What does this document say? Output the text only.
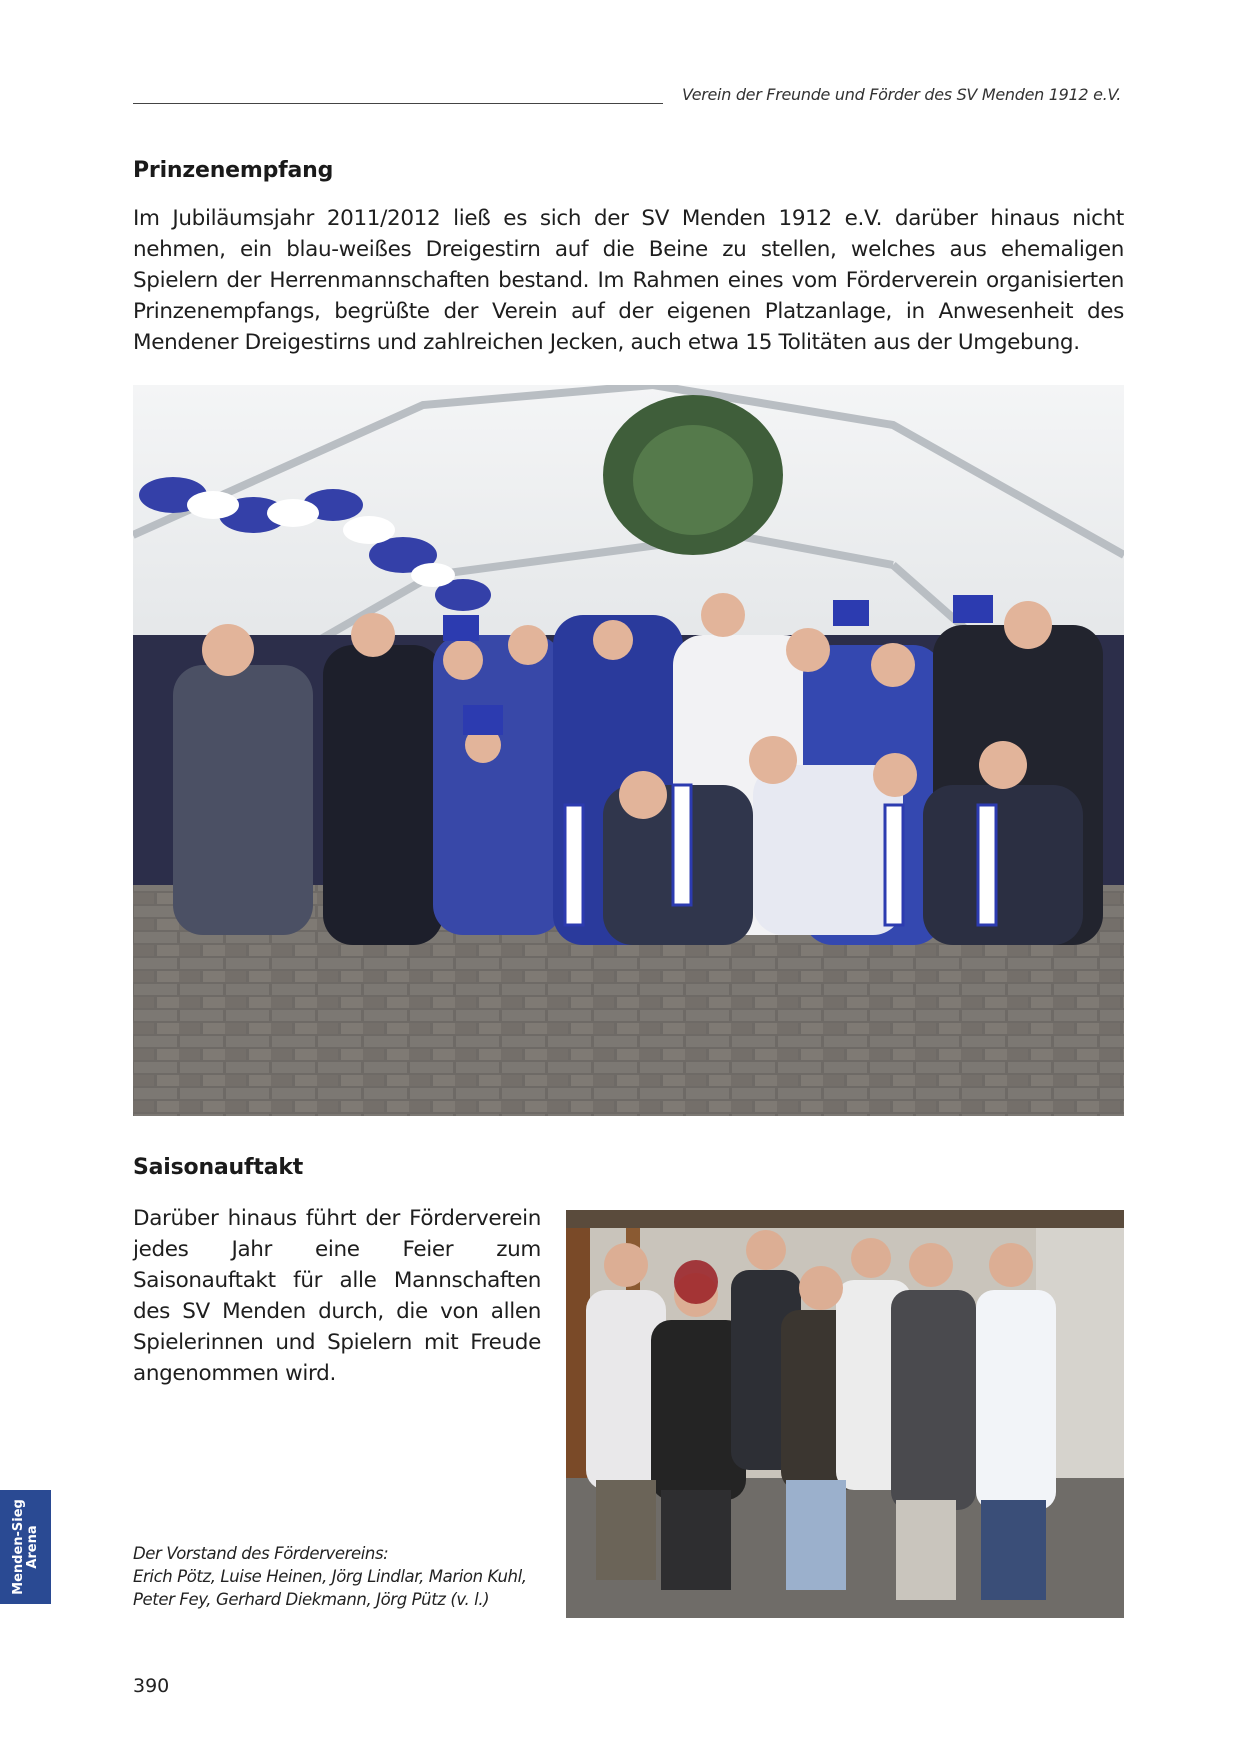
Verein der Freunde und Förder des SV Menden 1912 e.V.
Prinzenempfang

Im Jubiläumsjahr 2011/2012 ließ es sich der SV Menden 1912 e.V. darüber hinaus nicht nehmen, ein blau-weißes Dreigestirn auf die Beine zu stellen, welches aus ehemaligen Spielern der Herrenmannschaften bestand. Im Rahmen eines vom Förderverein organisierten Prinzenempfangs, begrüßte der Verein auf der eigenen Platzanlage, in Anwesenheit des Mendener Dreigestirns und zahlreichen Jecken, auch etwa 15 Tolitäten aus der Umgebung.

Saisonauftakt

Darüber hinaus führt der Förderverein jedes Jahr eine Feier zum Saisonauftakt für alle Mannschaften des SV Menden durch, die von allen Spielerinnen und Spielern mit Freude angenommen wird.

Der Vorstand des Fördervereins:
Erich Pötz, Luise Heinen, Jörg Lindlar, Marion Kuhl,
Peter Fey, Gerhard Diekmann, Jörg Pütz (v. l.)
Menden-Sieg Arena
390
